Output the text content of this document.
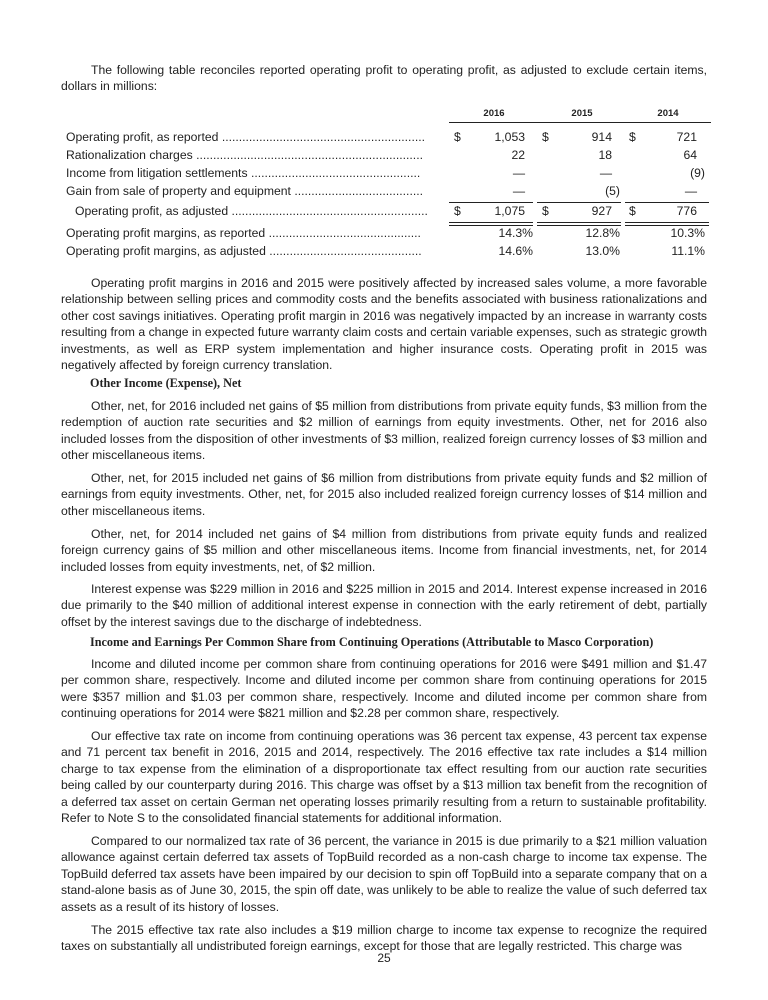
The following table reconciles reported operating profit to operating profit, as adjusted to exclude certain items, dollars in millions:

2016	2015	2014
Operating profit, as reported ............................................................	$	1,053 $	914 $	721
Rationalization charges ...................................................................	22	18	64
Income from litigation settlements ..................................................	—	—	(9)
Gain from sale of property and equipment ......................................	—	(5)	—
Operating profit, as adjusted ..........................................................	$	1,075 $	927 $	776
Operating profit margins, as reported .............................................	14.3%	12.8%	10.3%
Operating profit margins, as adjusted .............................................	14.6%	13.0%	11.1%

Operating profit margins in 2016 and 2015 were positively affected by increased sales volume, a more favorable relationship between selling prices and commodity costs and the benefits associated with business rationalizations and other cost savings initiatives. Operating profit margin in 2016 was negatively impacted by an increase in warranty costs resulting from a change in expected future warranty claim costs and certain variable expenses, such as strategic growth investments, as well as ERP system implementation and higher insurance costs. Operating profit in 2015 was negatively affected by foreign currency translation.

Other Income (Expense), Net

Other, net, for 2016 included net gains of $5 million from distributions from private equity funds, $3 million from the redemption of auction rate securities and $2 million of earnings from equity investments. Other, net for 2016 also included losses from the disposition of other investments of $3 million, realized foreign currency losses of $3 million and other miscellaneous items.

Other, net, for 2015 included net gains of $6 million from distributions from private equity funds and $2 million of earnings from equity investments. Other, net, for 2015 also included realized foreign currency losses of $14 million and other miscellaneous items.

Other, net, for 2014 included net gains of $4 million from distributions from private equity funds and realized foreign currency gains of $5 million and other miscellaneous items. Income from financial investments, net, for 2014 included losses from equity investments, net, of $2 million.

Interest expense was $229 million in 2016 and $225 million in 2015 and 2014. Interest expense increased in 2016 due primarily to the $40 million of additional interest expense in connection with the early retirement of debt, partially offset by the interest savings due to the discharge of indebtedness.

Income and Earnings Per Common Share from Continuing Operations (Attributable to Masco Corporation)

Income and diluted income per common share from continuing operations for 2016 were $491 million and $1.47 per common share, respectively. Income and diluted income per common share from continuing operations for 2015 were $357 million and $1.03 per common share, respectively. Income and diluted income per common share from continuing operations for 2014 were $821 million and $2.28 per common share, respectively.

Our effective tax rate on income from continuing operations was 36 percent tax expense, 43 percent tax expense and 71 percent tax benefit in 2016, 2015 and 2014, respectively. The 2016 effective tax rate includes a $14 million charge to tax expense from the elimination of a disproportionate tax effect resulting from our auction rate securities being called by our counterparty during 2016. This charge was offset by a $13 million tax benefit from the recognition of a deferred tax asset on certain German net operating losses primarily resulting from a return to sustainable profitability. Refer to Note S to the consolidated financial statements for additional information.

Compared to our normalized tax rate of 36 percent, the variance in 2015 is due primarily to a $21 million valuation allowance against certain deferred tax assets of TopBuild recorded as a non-cash charge to income tax expense. The TopBuild deferred tax assets have been impaired by our decision to spin off TopBuild into a separate company that on a stand-alone basis as of June 30, 2015, the spin off date, was unlikely to be able to realize the value of such deferred tax assets as a result of its history of losses.

The 2015 effective tax rate also includes a $19 million charge to income tax expense to recognize the required taxes on substantially all undistributed foreign earnings, except for those that are legally restricted. This charge was

25
